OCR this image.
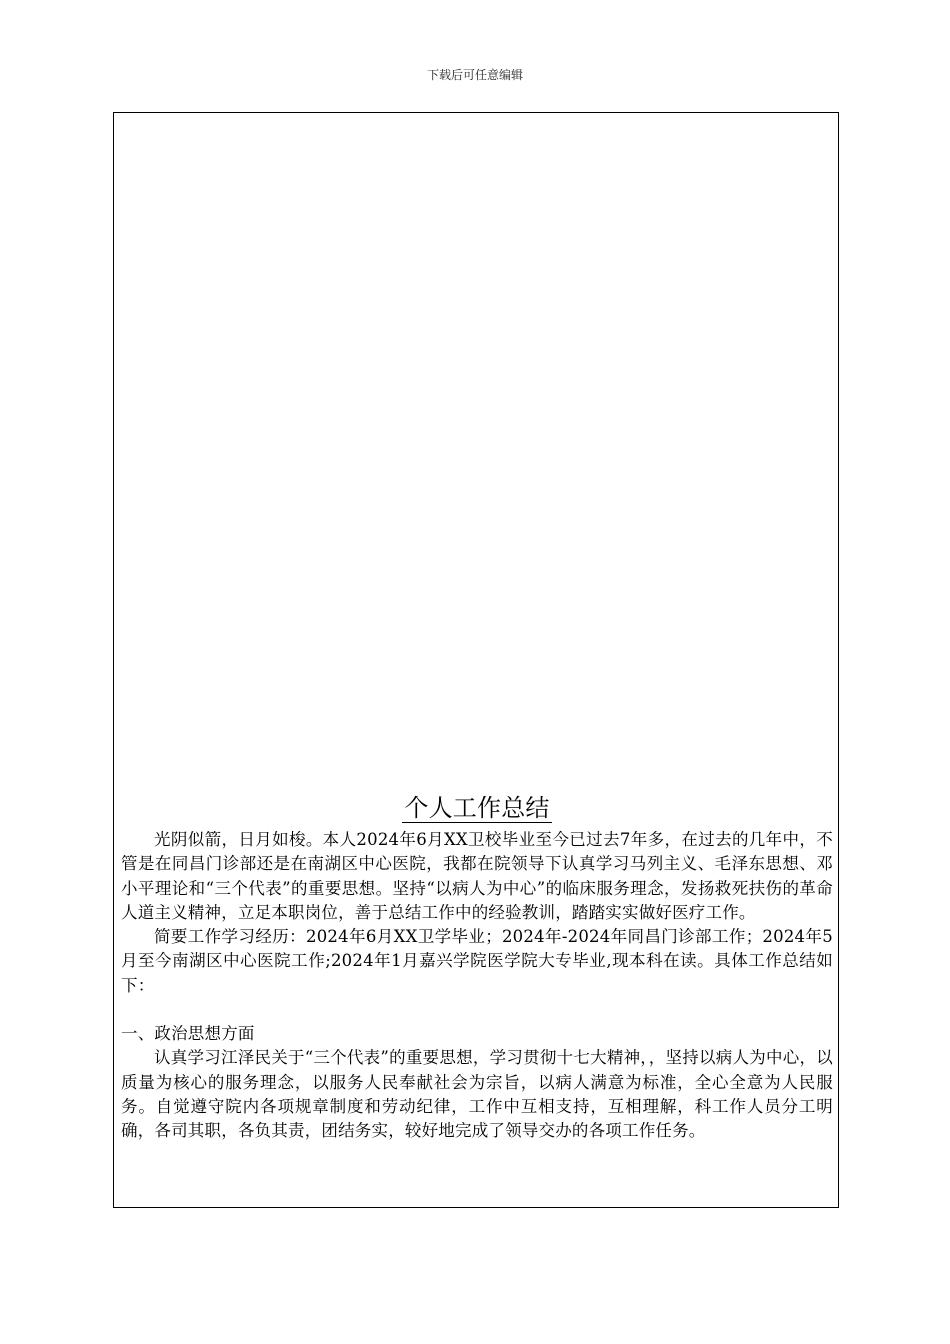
下载后可任意编辑
个人工作总结

光阴似箭，日月如梭。本人2024年6月XX卫校毕业至今已过去7年多，在过去的几年中，不管是在同昌门诊部还是在南湖区中心医院，我都在院领导下认真学习马列主义、毛泽东思想、邓小平理论和“三个代表”的重要思想。坚持“以病人为中心”的临床服务理念，发扬救死扶伤的革命人道主义精神，立足本职岗位，善于总结工作中的经验教训，踏踏实实做好医疗工作。

简要工作学习经历：2024年6月XX卫学毕业；2024年-2024年同昌门诊部工作；2024年5月至今南湖区中心医院工作;2024年1月嘉兴学院医学院大专毕业,现本科在读。具体工作总结如下：

一、政治思想方面

认真学习江泽民关于“三个代表”的重要思想，学习贯彻十七大精神，，坚持以病人为中心，以质量为核心的服务理念，以服务人民奉献社会为宗旨，以病人满意为标准，全心全意为人民服务。自觉遵守院内各项规章制度和劳动纪律，工作中互相支持，互相理解，科工作人员分工明确，各司其职，各负其责，团结务实，较好地完成了领导交办的各项工作任务。
